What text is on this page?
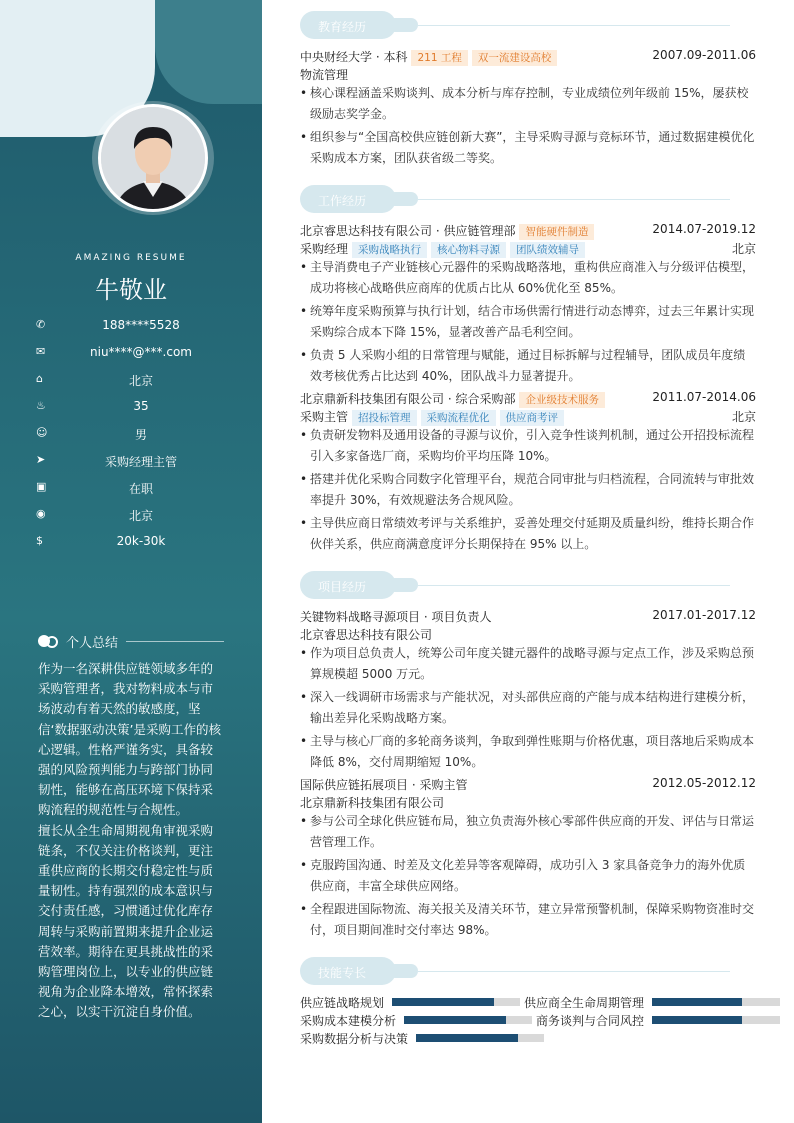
AMAZING RESUME
牛敬业
✆	188****5528
✉	niu****@***.com
⌂	北京
♨	35
☺	男
➤	采购经理主管
▣	在职
◉	北京
$	20k-30k
个人总结

作为一名深耕供应链领域多年的采购管理者，我对物料成本与市场波动有着天然的敏感度，坚信‘数据驱动决策’是采购工作的核心逻辑。性格严谨务实，具备较强的风险预判能力与跨部门协同韧性，能够在高压环境下保持采购流程的规范性与合规性。

擅长从全生命周期视角审视采购链条，不仅关注价格谈判，更注重供应商的长期交付稳定性与质量韧性。持有强烈的成本意识与交付责任感，习惯通过优化库存周转与采购前置期来提升企业运营效率。期待在更具挑战性的采购管理岗位上，以专业的供应链视角为企业降本增效，常怀探索之心，以实干沉淀自身价值。

教育经历
中央财经大学 · 本科 211 工程 双一流建设高校	2007.09-2011.06
物流管理
• 核心课程涵盖采购谈判、成本分析与库存控制，专业成绩位列年级前 15%，屡获校级励志奖学金。
• 组织参与“全国高校供应链创新大赛”，主导采购寻源与竞标环节，通过数据建模优化采购成本方案，团队获省级二等奖。
工作经历
北京睿思达科技有限公司 · 供应链管理部 智能硬件制造	2014.07-2019.12
采购经理 采购战略执行 核心物料寻源 团队绩效辅导	北京
• 主导消费电子产业链核心元器件的采购战略落地，重构供应商准入与分级评估模型，成功将核心战略供应商库的优质占比从 60%优化至 85%。
• 统筹年度采购预算与执行计划，结合市场供需行情进行动态博弈，过去三年累计实现采购综合成本下降 15%，显著改善产品毛利空间。
• 负责 5 人采购小组的日常管理与赋能，通过目标拆解与过程辅导，团队成员年度绩效考核优秀占比达到 40%，团队战斗力显著提升。
北京鼎新科技集团有限公司 · 综合采购部 企业级技术服务	2011.07-2014.06
采购主管 招投标管理 采购流程优化 供应商考评	北京
• 负责研发物料及通用设备的寻源与议价，引入竞争性谈判机制，通过公开招投标流程引入多家备选厂商，采购均价平均压降 10%。
• 搭建并优化采购合同数字化管理平台，规范合同审批与归档流程，合同流转与审批效率提升 30%，有效规避法务合规风险。
• 主导供应商日常绩效考评与关系维护，妥善处理交付延期及质量纠纷，维持长期合作伙伴关系，供应商满意度评分长期保持在 95% 以上。
项目经历
关键物料战略寻源项目 · 项目负责人	2017.01-2017.12
北京睿思达科技有限公司
• 作为项目总负责人，统筹公司年度关键元器件的战略寻源与定点工作，涉及采购总预算规模超 5000 万元。
• 深入一线调研市场需求与产能状况，对头部供应商的产能与成本结构进行建模分析，输出差异化采购战略方案。
• 主导与核心厂商的多轮商务谈判，争取到弹性账期与价格优惠，项目落地后采购成本降低 8%，交付周期缩短 10%。
国际供应链拓展项目 · 采购主管	2012.05-2012.12
北京鼎新科技集团有限公司
• 参与公司全球化供应链布局，独立负责海外核心零部件供应商的开发、评估与日常运营管理工作。
• 克服跨国沟通、时差及文化差异等客观障碍，成功引入 3 家具备竞争力的海外优质供应商，丰富全球供应网络。
• 全程跟进国际物流、海关报关及清关环节，建立异常预警机制，保障采购物资准时交付，项目期间准时交付率达 98%。
技能专长
供应链战略规划	供应商全生命周期管理
采购成本建模分析	商务谈判与合同风控
采购数据分析与决策
